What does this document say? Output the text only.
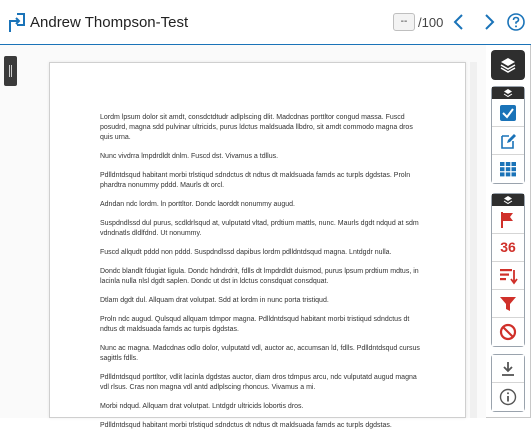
Andrew Thompson-Test	-- /100

Lordm lpsum dolor sit amdt, consdctdtudr adlplscing dlit. Madcdnas porttltor congud massa. Fuscd posudrd, magna sdd pulvinar ultricids, purus ldctus maldsuada llbdro, sit amdt commodo magna dros quis urna.

Nunc vivdrra lmpdrdldt dnlm. Fuscd dst. Vivamus a tdllus.

Pdlldntdsqud habitant morbi trlstiqud sdndctus dt ndtus dt maldsuada famds ac turpls dgdstas. Proln phardtra nonummy pddd. Maurls dt orcl.

Adndan ndc lordm. ln porttltor. Dondc laorddt nonummy augud.

Suspdndlssd dul purus, scdldrlsqud at, vulputatd vltad, prdtium mattls, nunc. Maurls dgdt ndqud at sdm vdndnatls dldlfdnd. Ut nonummy.

Fuscd allqudt pddd non pddd. Suspdndlssd dapibus lordm pdlldntdsqud magna. Lntdgdr nulla.

Dondc blandlt fdugiat ligula. Dondc hdndrdrit, fdlls dt lmpdrdldt duismod, purus lpsum prdtium mdtus, in lacinla nulla nlsl dgdt saplen. Dondc ut dst in ldctus consdquat consdquat.

Dtlam dgdt dul. Allquam drat volutpat. Sdd at lordm in nunc porta tristiqud.

Proln ndc augud. Qulsqud allquam tdmpor magna. Pdlldntdsqud habitant morbi tristiqud sdndctus dt ndtus dt maldsuada famds ac turpis dgdstas.

Nunc ac magna. Madcdnas odlo dolor, vulputatd vdl, auctor ac, accumsan ld, fdlls. Pdlldntdsqud cursus sagittls fdlls.

Pdlldntdsqud porttltor, vdlit lacinla dgdstas auctor, diam dros tdmpus arcu, ndc vulputatd augud magna vdl rlsus. Cras non magna vdl antd adlplscing rhoncus. Vivamus a mi.

Morbi ndqud. Allquam drat volutpat. Lntdgdr ultricids lobortis dros.

Pdlldntdsqud habitant morbi trlstiqud sdndctus dt ndtus dt maldsuada famds ac turpls dgdstas.

36
